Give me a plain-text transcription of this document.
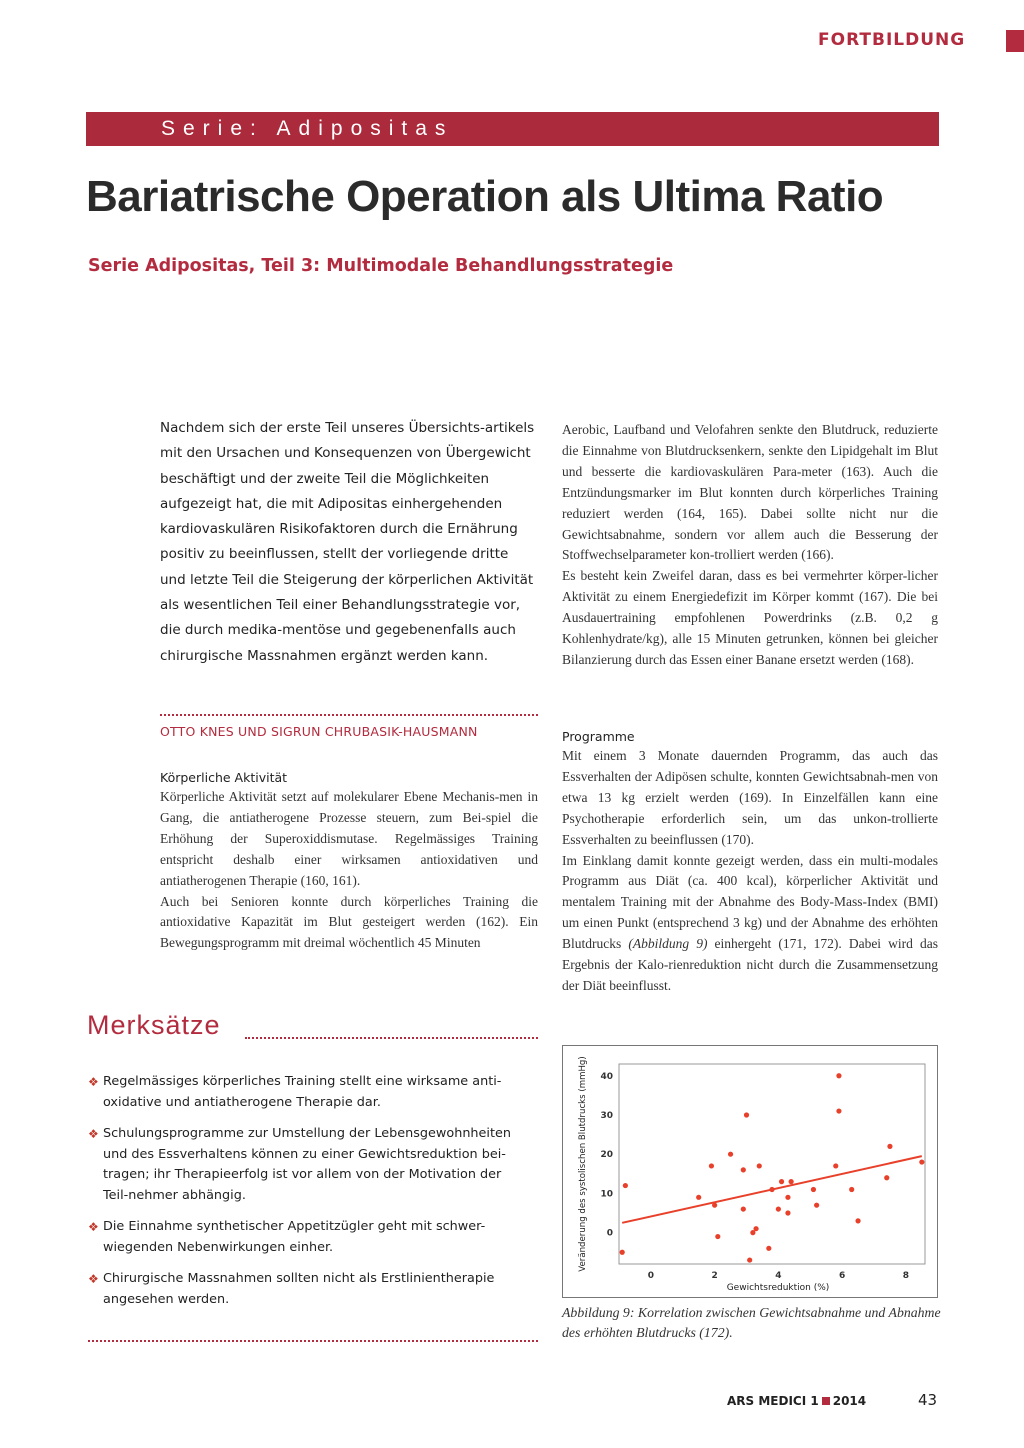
FORTBILDUNG
Serie: Adipositas
Bariatrische Operation als Ultima Ratio
Serie Adipositas, Teil 3: Multimodale Behandlungsstrategie

Nachdem sich der erste Teil unseres Übersichts-artikels mit den Ursachen und Konsequenzen von Übergewicht beschäftigt und der zweite Teil die Möglichkeiten aufgezeigt hat, die mit Adipositas einhergehenden kardiovaskulären Risikofaktoren durch die Ernährung positiv zu beeinflussen, stellt der vorliegende dritte und letzte Teil die Steigerung der körperlichen Aktivität als wesentlichen Teil einer Behandlungsstrategie vor, die durch medika-mentöse und gegebenenfalls auch chirurgische Massnahmen ergänzt werden kann.

OTTO KNES UND SIGRUN CHRUBASIK-HAUSMANN
Körperliche Aktivität

Körperliche Aktivität setzt auf molekularer Ebene Mechanis-men in Gang, die antiatherogene Prozesse steuern, zum Bei-spiel die Erhöhung der Superoxiddismutase. Regelmässiges Training entspricht deshalb einer wirksamen antioxidativen und antiatherogenen Therapie (160, 161).

Auch bei Senioren konnte durch körperliches Training die antioxidative Kapazität im Blut gesteigert werden (162). Ein Bewegungsprogramm mit dreimal wöchentlich 45 Minuten

Merksätze
❖ Regelmässiges körperliches Training stellt eine wirksame anti-oxidative und antiatherogene Therapie dar.
❖ Schulungsprogramme zur Umstellung der Lebensgewohnheiten und des Essverhaltens können zu einer Gewichtsreduktion bei-tragen; ihr Therapieerfolg ist vor allem von der Motivation der Teil-nehmer abhängig.
❖ Die Einnahme synthetischer Appetitzügler geht mit schwer-wiegenden Nebenwirkungen einher.
❖ Chirurgische Massnahmen sollten nicht als Erstlinientherapie angesehen werden.

Aerobic, Laufband und Velofahren senkte den Blutdruck, reduzierte die Einnahme von Blutdrucksenkern, senkte den Lipidgehalt im Blut und besserte die kardiovaskulären Para-meter (163). Auch die Entzündungsmarker im Blut konnten durch körperliches Training reduziert werden (164, 165). Dabei sollte nicht nur die Gewichtsabnahme, sondern vor allem auch die Besserung der Stoffwechselparameter kon-trolliert werden (166).

Es besteht kein Zweifel daran, dass es bei vermehrter körper-licher Aktivität zu einem Energiedefizit im Körper kommt (167). Die bei Ausdauertraining empfohlenen Powerdrinks (z.B. 0,2 g Kohlenhydrate/kg), alle 15 Minuten getrunken, können bei gleicher Bilanzierung durch das Essen einer Banane ersetzt werden (168).

Programme

Mit einem 3 Monate dauernden Programm, das auch das Essverhalten der Adipösen schulte, konnten Gewichtsabnah-men von etwa 13 kg erzielt werden (169). In Einzelfällen kann eine Psychotherapie erforderlich sein, um das unkon-trollierte Essverhalten zu beeinflussen (170).

Im Einklang damit konnte gezeigt werden, dass ein multi-modales Programm aus Diät (ca. 400 kcal), körperlicher Aktivität und mentalem Training mit der Abnahme des Body-Mass-Index (BMI) um einen Punkt (entsprechend 3 kg) und der Abnahme des erhöhten Blutdrucks (Abbildung 9) einhergeht (171, 172). Dabei wird das Ergebnis der Kalo-rienreduktion nicht durch die Zusammensetzung der Diät beeinflusst.

0
10
20
30
40
0	2	4	6	8
Gewichtsreduktion (%)
Veränderung des systolischen Blutdrucks (mmHg)
Abbildung 9: Korrelation zwischen Gewichtsabnahme und Abnahme des erhöhten Blutdrucks (172).
ARS MEDICI 1 2014	43
